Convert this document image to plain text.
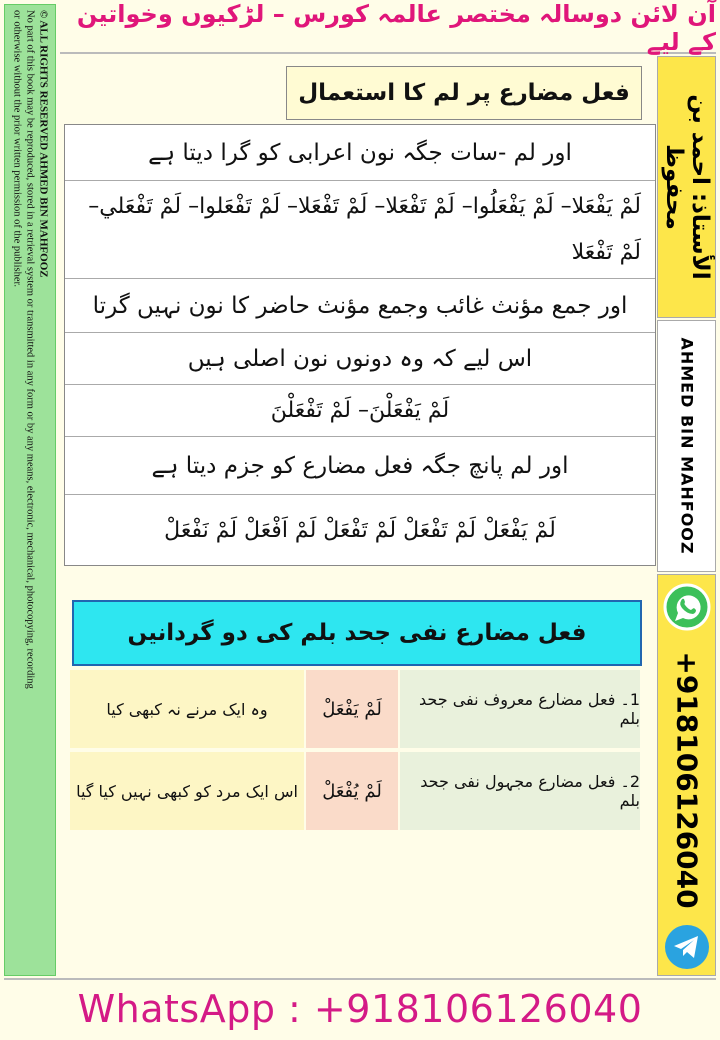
© ALL RIGHTS RESERVED AHMED BIN MAHFOOZ
No part of this book may be reproduced, stored in a retrieval system or transmitted in any form or by any means, electronic, mechanical, photocopying, recording
or otherwise without the prior written permission of the publisher.	آن لائن دوسالہ مختصر عالمہ کورس – لڑکیوں وخواتین کے لیے
الأستاذ: احمد بن محفوظ
AHMED BIN MAHFOOZ
+918106126040
فعل مضارع پر لم کا استعمال
اور لم -سات جگہ نون اعرابی کو گرا دیتا ہے
لَمْ يَفْعَلا– لَمْ يَفْعَلُوا– لَمْ تَفْعَلا– لَمْ تَفْعَلا– لَمْ تَفْعَلوا– لَمْ تَفْعَلي– لَمْ تَفْعَلا
اور جمع مؤنث غائب وجمع مؤنث حاضر کا نون نہیں گرتا
اس لیے کہ وہ دونوں نون اصلی ہیں
لَمْ يَفْعَلْنَ– لَمْ تَفْعَلْنَ
اور لم پانچ جگہ فعل مضارع کو جزم دیتا ہے
لَمْ يَفْعَلْ لَمْ تَفْعَلْ لَمْ تَفْعَلْ لَمْ اَفْعَلْ لَمْ نَفْعَلْ
فعل مضارع نفی جحد بلم کی دو گردانیں
1۔ فعل مضارع معروف نفی جحد بلم
لَمْ يَفْعَلْ
وہ ایک مرنے نہ کبھی کیا
2۔ فعل مضارع مجہول نفی جحد بلم
لَمْ يُفْعَلْ
اس ایک مرد کو کبھی نہیں کیا گیا
WhatsApp : +918106126040
